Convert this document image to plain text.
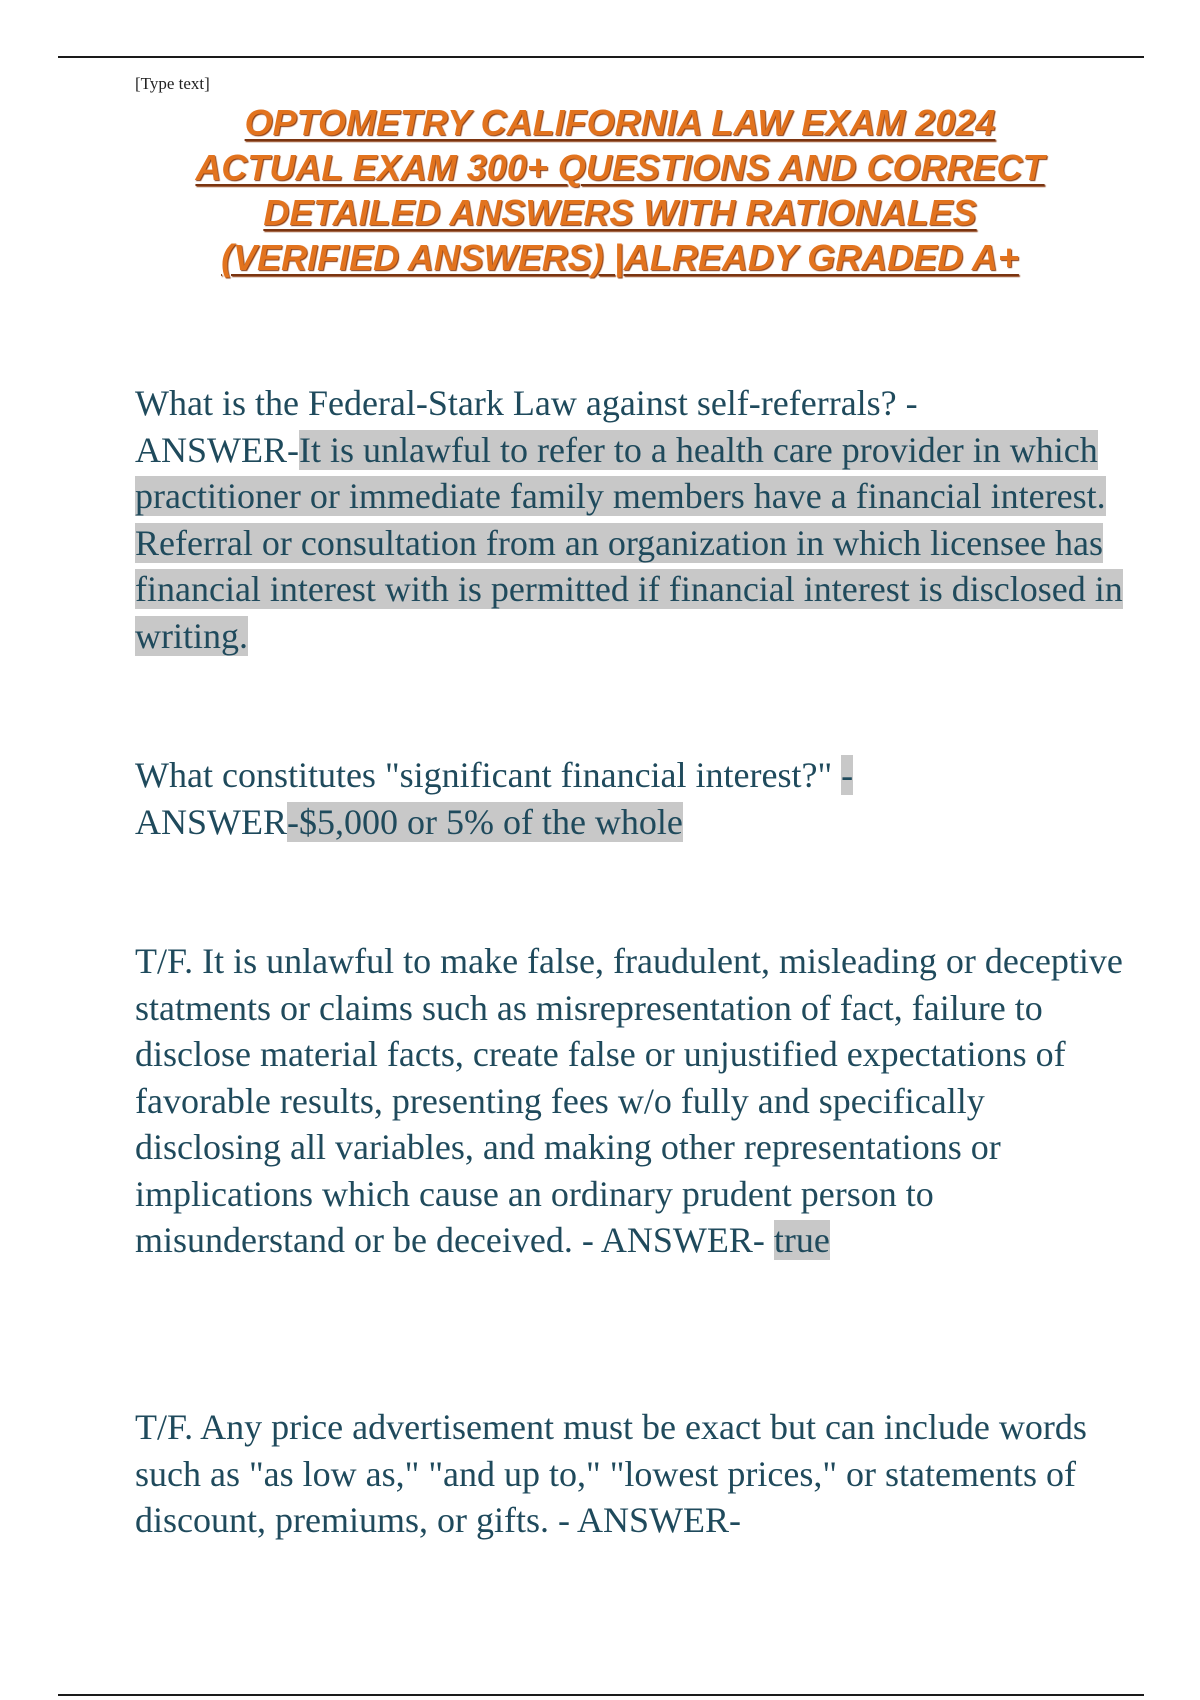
[Type text]
OPTOMETRY CALIFORNIA LAW EXAM 2024
ACTUAL EXAM 300+ QUESTIONS AND CORRECT
DETAILED ANSWERS WITH RATIONALES
(VERIFIED ANSWERS) |ALREADY GRADED A+

What is the Federal-Stark Law against self-referrals? -
ANSWER-It is unlawful to refer to a health care provider in which practitioner or immediate family members have a financial interest. Referral or consultation from an organization in which licensee has financial interest with is permitted if financial interest is disclosed in writing.

What constitutes "significant financial interest?" -
ANSWER-$5,000 or 5% of the whole

T/F. It is unlawful to make false, fraudulent, misleading or deceptive statments or claims such as misrepresentation of fact, failure to disclose material facts, create false or unjustified expectations of favorable results, presenting fees w/o fully and specifically disclosing all variables, and making other representations or implications which cause an ordinary prudent person to misunderstand or be deceived. - ANSWER- true

T/F. Any price advertisement must be exact but can include words such as "as low as," "and up to," "lowest prices," or statements of discount, premiums, or gifts. - ANSWER-
